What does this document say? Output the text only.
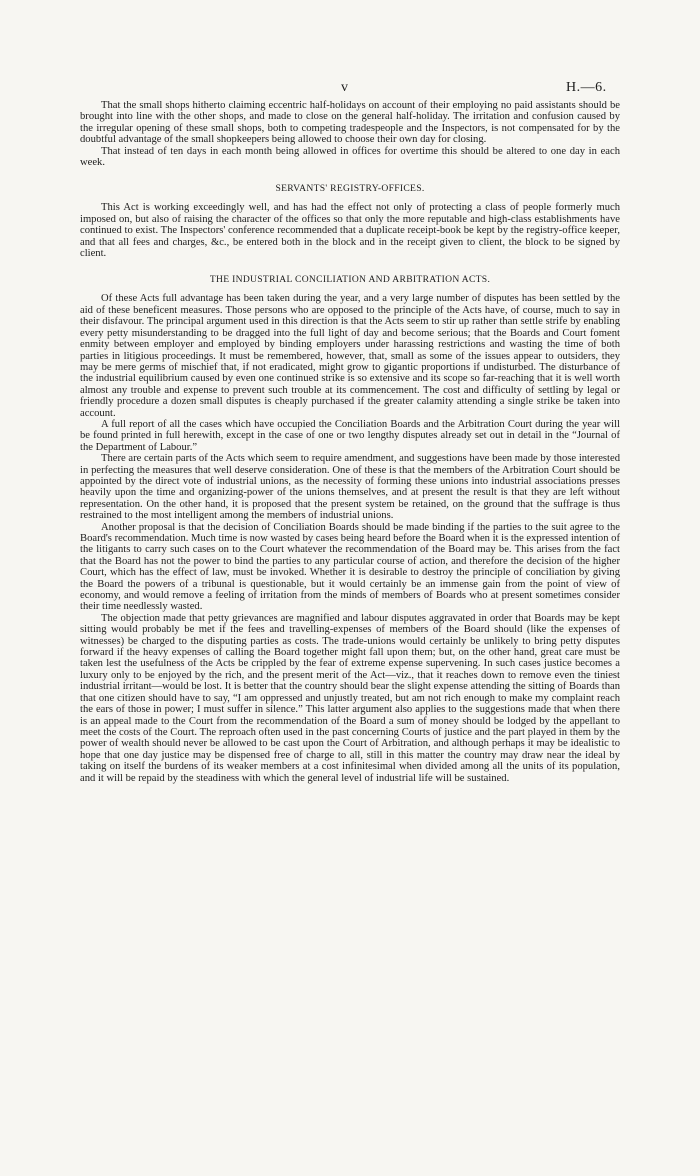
v	H.—6.

That the small shops hitherto claiming eccentric half-holidays on account of their employing no paid assistants should be brought into line with the other shops, and made to close on the general half-holiday. The irritation and confusion caused by the irregular opening of these small shops, both to competing tradespeople and the Inspectors, is not compensated for by the doubtful advantage of the small shopkeepers being allowed to choose their own day for closing.

That instead of ten days in each month being allowed in offices for overtime this should be altered to one day in each week.

SERVANTS' REGISTRY-OFFICES.

This Act is working exceedingly well, and has had the effect not only of protecting a class of people formerly much imposed on, but also of raising the character of the offices so that only the more reputable and high-class establishments have continued to exist. The Inspectors' conference recommended that a duplicate receipt-book be kept by the registry-office keeper, and that all fees and charges, &c., be entered both in the block and in the receipt given to client, the block to be signed by client.

THE INDUSTRIAL CONCILIATION AND ARBITRATION ACTS.

Of these Acts full advantage has been taken during the year, and a very large number of disputes has been settled by the aid of these beneficent measures. Those persons who are opposed to the principle of the Acts have, of course, much to say in their disfavour. The principal argument used in this direction is that the Acts seem to stir up rather than settle strife by enabling every petty misunderstanding to be dragged into the full light of day and become serious; that the Boards and Court foment enmity between employer and employed by binding employers under harassing restrictions and wasting the time of both parties in litigious proceedings. It must be remembered, however, that, small as some of the issues appear to outsiders, they may be mere germs of mischief that, if not eradicated, might grow to gigantic proportions if undisturbed. The disturbance of the industrial equilibrium caused by even one continued strike is so extensive and its scope so far-reaching that it is well worth almost any trouble and expense to prevent such trouble at its commencement. The cost and difficulty of settling by legal or friendly procedure a dozen small disputes is cheaply purchased if the greater calamity attending a single strike be taken into account.

A full report of all the cases which have occupied the Conciliation Boards and the Arbitration Court during the year will be found printed in full herewith, except in the case of one or two lengthy disputes already set out in detail in the “Journal of the Department of Labour.”

There are certain parts of the Acts which seem to require amendment, and suggestions have been made by those interested in perfecting the measures that well deserve consideration. One of these is that the members of the Arbitration Court should be appointed by the direct vote of industrial unions, as the necessity of forming these unions into industrial associations presses heavily upon the time and organizing-power of the unions themselves, and at present the result is that they are left without representation. On the other hand, it is proposed that the present system be retained, on the ground that the suffrage is thus restrained to the most intelligent among the members of industrial unions.

Another proposal is that the decision of Conciliation Boards should be made binding if the parties to the suit agree to the Board's recommendation. Much time is now wasted by cases being heard before the Board when it is the expressed intention of the litigants to carry such cases on to the Court whatever the recommendation of the Board may be. This arises from the fact that the Board has not the power to bind the parties to any particular course of action, and therefore the decision of the higher Court, which has the effect of law, must be invoked. Whether it is desirable to destroy the principle of conciliation by giving the Board the powers of a tribunal is questionable, but it would certainly be an immense gain from the point of view of economy, and would remove a feeling of irritation from the minds of members of Boards who at present sometimes consider their time needlessly wasted.

The objection made that petty grievances are magnified and labour disputes aggravated in order that Boards may be kept sitting would probably be met if the fees and travelling-expenses of members of the Board should (like the expenses of witnesses) be charged to the disputing parties as costs. The trade-unions would certainly be unlikely to bring petty disputes forward if the heavy expenses of calling the Board together might fall upon them; but, on the other hand, great care must be taken lest the usefulness of the Acts be crippled by the fear of extreme expense supervening. In such cases justice becomes a luxury only to be enjoyed by the rich, and the present merit of the Act—viz., that it reaches down to remove even the tiniest industrial irritant—would be lost. It is better that the country should bear the slight expense attending the sitting of Boards than that one citizen should have to say, “I am oppressed and unjustly treated, but am not rich enough to make my complaint reach the ears of those in power; I must suffer in silence.” This latter argument also applies to the suggestions made that when there is an appeal made to the Court from the recommendation of the Board a sum of money should be lodged by the appellant to meet the costs of the Court. The reproach often used in the past concerning Courts of justice and the part played in them by the power of wealth should never be allowed to be cast upon the Court of Arbitration, and although perhaps it may be idealistic to hope that one day justice may be dispensed free of charge to all, still in this matter the country may draw near the ideal by taking on itself the burdens of its weaker members at a cost infinitesimal when divided among all the units of its population, and it will be repaid by the steadiness with which the general level of industrial life will be sustained.
